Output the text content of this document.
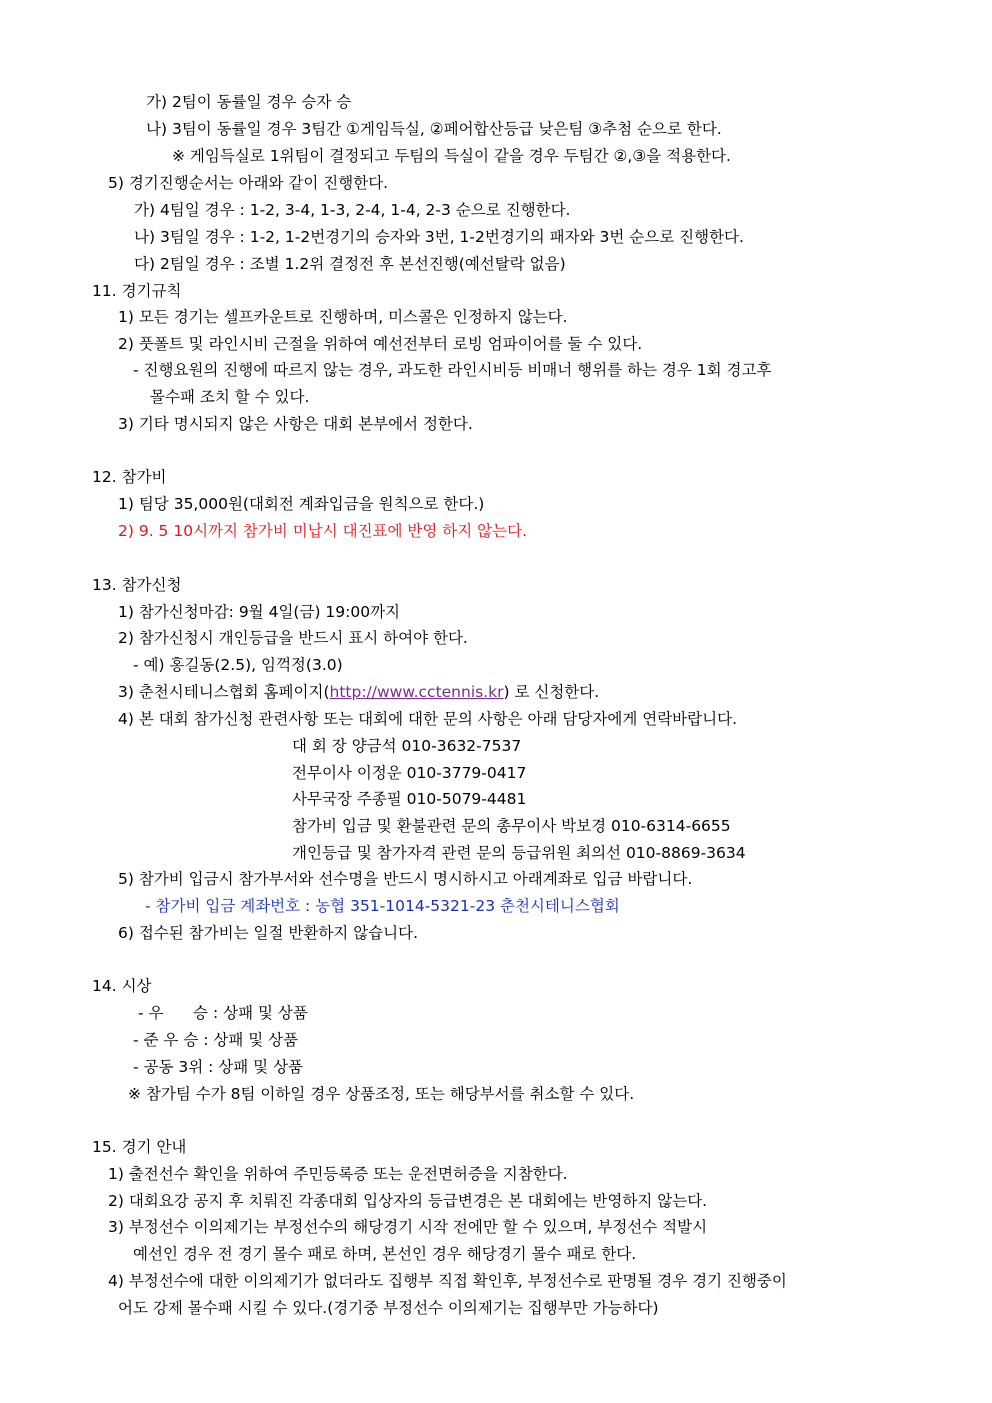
가) 2팀이 동률일 경우 승자 승
나) 3팀이 동률일 경우 3팀간 ①게임득실, ②페어합산등급 낮은팀 ③추첨 순으로 한다.
※ 게임득실로 1위팀이 결정되고 두팀의 득실이 같을 경우 두팀간 ②,③을 적용한다.
5) 경기진행순서는 아래와 같이 진행한다.
가) 4팀일 경우 : 1-2, 3-4, 1-3, 2-4, 1-4, 2-3 순으로 진행한다.
나) 3팀일 경우 : 1-2, 1-2번경기의 승자와 3번, 1-2번경기의 패자와 3번 순으로 진행한다.
다) 2팀일 경우 : 조별 1.2위 결정전 후 본선진행(예선탈락 없음)
11. 경기규칙
1) 모든 경기는 셀프카운트로 진행하며, 미스콜은 인정하지 않는다.
2) 풋폴트 및 라인시비 근절을 위하여 예선전부터 로빙 엄파이어를 둘 수 있다.
- 진행요원의 진행에 따르지 않는 경우, 과도한 라인시비등 비매너 행위를 하는 경우 1회 경고후
몰수패 조치 할 수 있다.
3) 기타 명시되지 않은 사항은 대회 본부에서 정한다.
12. 참가비
1) 팀당 35,000원(대회전 계좌입금을 원칙으로 한다.)
2) 9. 5 10시까지 참가비 미납시 대진표에 반영 하지 않는다.
13. 참가신청
1) 참가신청마감: 9월 4일(금) 19:00까지
2) 참가신청시 개인등급을 반드시 표시 하여야 한다.
- 예) 홍길동(2.5), 임꺽정(3.0)
3) 춘천시테니스협회 홈페이지(http://www.cctennis.kr) 로 신청한다.
4) 본 대회 참가신청 관련사항 또는 대회에 대한 문의 사항은 아래 담당자에게 연락바랍니다.
대 회 장 양금석 010-3632-7537
전무이사 이정운 010-3779-0417
사무국장 주종필 010-5079-4481
참가비 입금 및 환불관련 문의 총무이사 박보경 010-6314-6655
개인등급 및 참가자격 관련 문의 등급위원 최의선 010-8869-3634
5) 참가비 입금시 참가부서와 선수명을 반드시 명시하시고 아래계좌로 입금 바랍니다.
- 참가비 입금 계좌번호 : 농협 351-1014-5321-23 춘천시테니스협회
6) 접수된 참가비는 일절 반환하지 않습니다.
14. 시상
- 우      승 : 상패 및 상품
- 준 우 승 : 상패 및 상품
- 공동 3위 : 상패 및 상품
※ 참가팀 수가 8팀 이하일 경우 상품조정, 또는 해당부서를 취소할 수 있다.
15. 경기 안내
1) 출전선수 확인을 위하여 주민등록증 또는 운전면허증을 지참한다.
2) 대회요강 공지 후 치뤄진 각종대회 입상자의 등급변경은 본 대회에는 반영하지 않는다.
3) 부정선수 이의제기는 부정선수의 해당경기 시작 전에만 할 수 있으며, 부정선수 적발시
예선인 경우 전 경기 몰수 패로 하며, 본선인 경우 해당경기 몰수 패로 한다.
4) 부정선수에 대한 이의제기가 없더라도 집행부 직접 확인후, 부정선수로 판명될 경우 경기 진행중이
어도 강제 몰수패 시킬 수 있다.(경기중 부정선수 이의제기는 집행부만 가능하다)
